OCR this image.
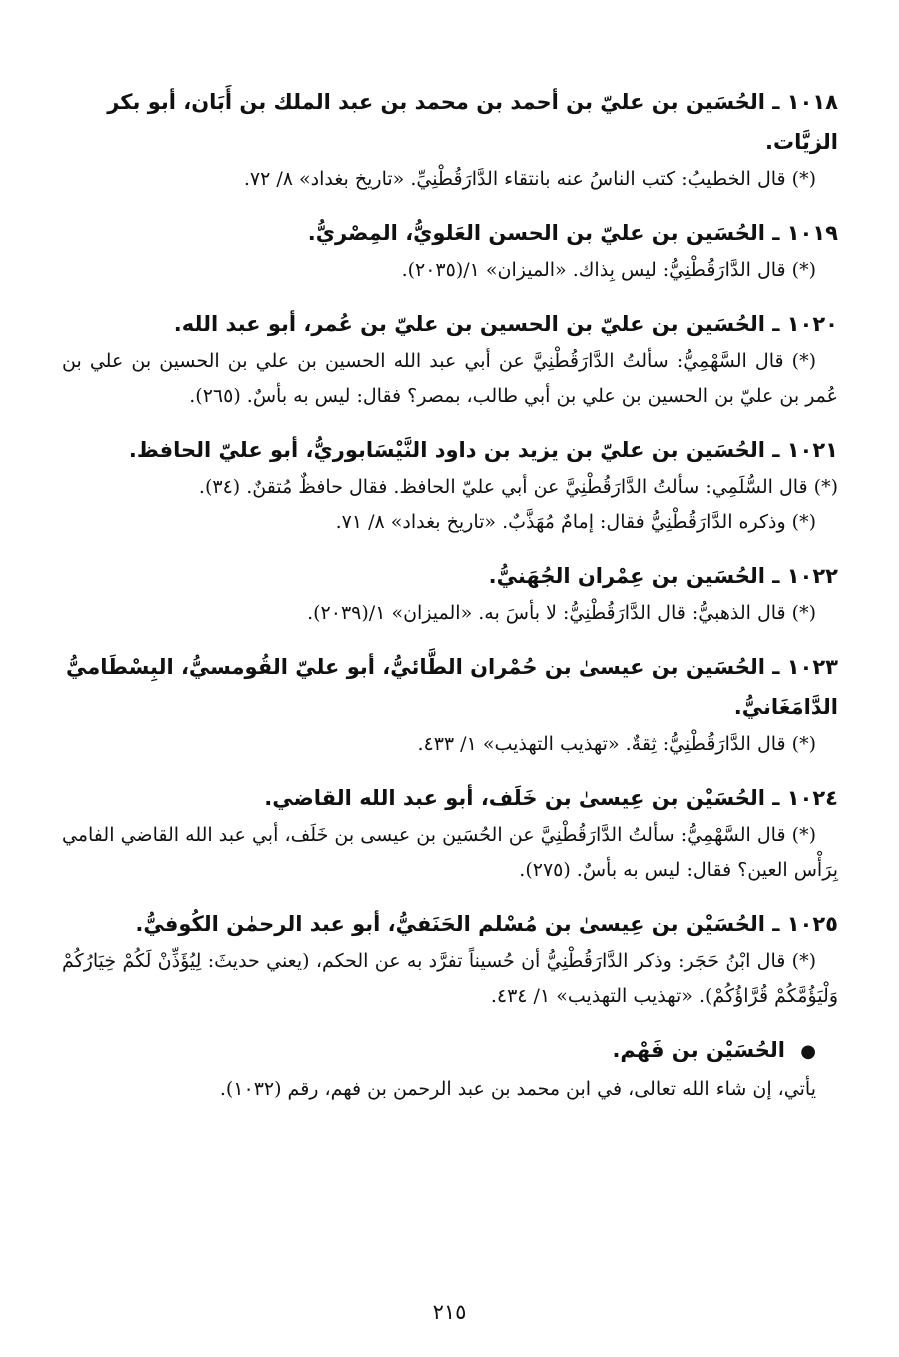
١٠١٨ ـ الحُسَين بن عليّ بن أحمد بن محمد بن عبد الملك بن أَبَان، أبو بكر الزيَّات.
(*) قال الخطيبُ: كتب الناسُ عنه بانتقاء الدَّارَقُطْنِيِّ. «تاريخ بغداد» ٨/ ٧٢.
١٠١٩ ـ الحُسَين بن عليّ بن الحسن العَلويُّ، المِصْريُّ.
(*) قال الدَّارَقُطْنِيُّ: ليس بِذاك. «الميزان» ١/(٢٠٣٥).
١٠٢٠ ـ الحُسَين بن عليّ بن الحسين بن عليّ بن عُمر، أبو عبد الله.
(*) قال السَّهْمِيُّ: سألتُ الدَّارَقُطْنِيَّ عن أبي عبد الله الحسين بن علي بن الحسين بن علي بن عُمر بن عليّ بن الحسين بن علي بن أبي طالب، بمصر؟ فقال: ليس به بأسٌ. (٢٦٥).
١٠٢١ ـ الحُسَين بن عليّ بن يزيد بن داود النَّيْسَابوريُّ، أبو عليّ الحافظ.
(*) قال السُّلَمِي: سألتُ الدَّارَقُطْنِيَّ عن أبي عليّ الحافظ. فقال حافظٌ مُتقنٌ. (٣٤).
(*) وذكره الدَّارَقُطْنِيُّ فقال: إمامٌ مُهَذَّبٌ. «تاريخ بغداد» ٨/ ٧١.
١٠٢٢ ـ الحُسَين بن عِمْران الجُهَنيُّ.
(*) قال الذهبيُّ: قال الدَّارَقُطْنِيُّ: لا بأسَ به. «الميزان» ١/(٢٠٣٩).
١٠٢٣ ـ الحُسَين بن عيسىٰ بن حُمْران الطَّائيُّ، أبو عليّ القُومسيُّ، البِسْطَاميُّ الدَّامَغَانيُّ.
(*) قال الدَّارَقُطْنِيُّ: ثِقةٌ. «تهذيب التهذيب» ١/ ٤٣٣.
١٠٢٤ ـ الحُسَيْن بن عِيسىٰ بن خَلَف، أبو عبد الله القاضي.
(*) قال السَّهْمِيُّ: سألتُ الدَّارَقُطْنِيَّ عن الحُسَين بن عيسى بن خَلَف، أبي عبد الله القاضي الفامي بِرَأْس العين؟ فقال: ليس به بأسٌ. (٢٧٥).
١٠٢٥ ـ الحُسَيْن بن عِيسىٰ بن مُسْلم الحَنَفيُّ، أبو عبد الرحمٰن الكُوفيُّ.
(*) قال ابْنُ حَجَر: وذكر الدَّارَقُطْنِيُّ أن حُسيناً تفرَّد به عن الحكم، (يعني حديثَ: لِيُؤَذِّنْ لَكُمْ خِيَارُكُمْ وَلْيَؤُمَّكُمْ قُرَّاؤُكُمْ). «تهذيب التهذيب» ١/ ٤٣٤.
● الحُسَيْن بن فَهْم.
يأتي، إن شاء الله تعالى، في ابن محمد بن عبد الرحمن بن فهم، رقم (١٠٣٢).
٢١٥
